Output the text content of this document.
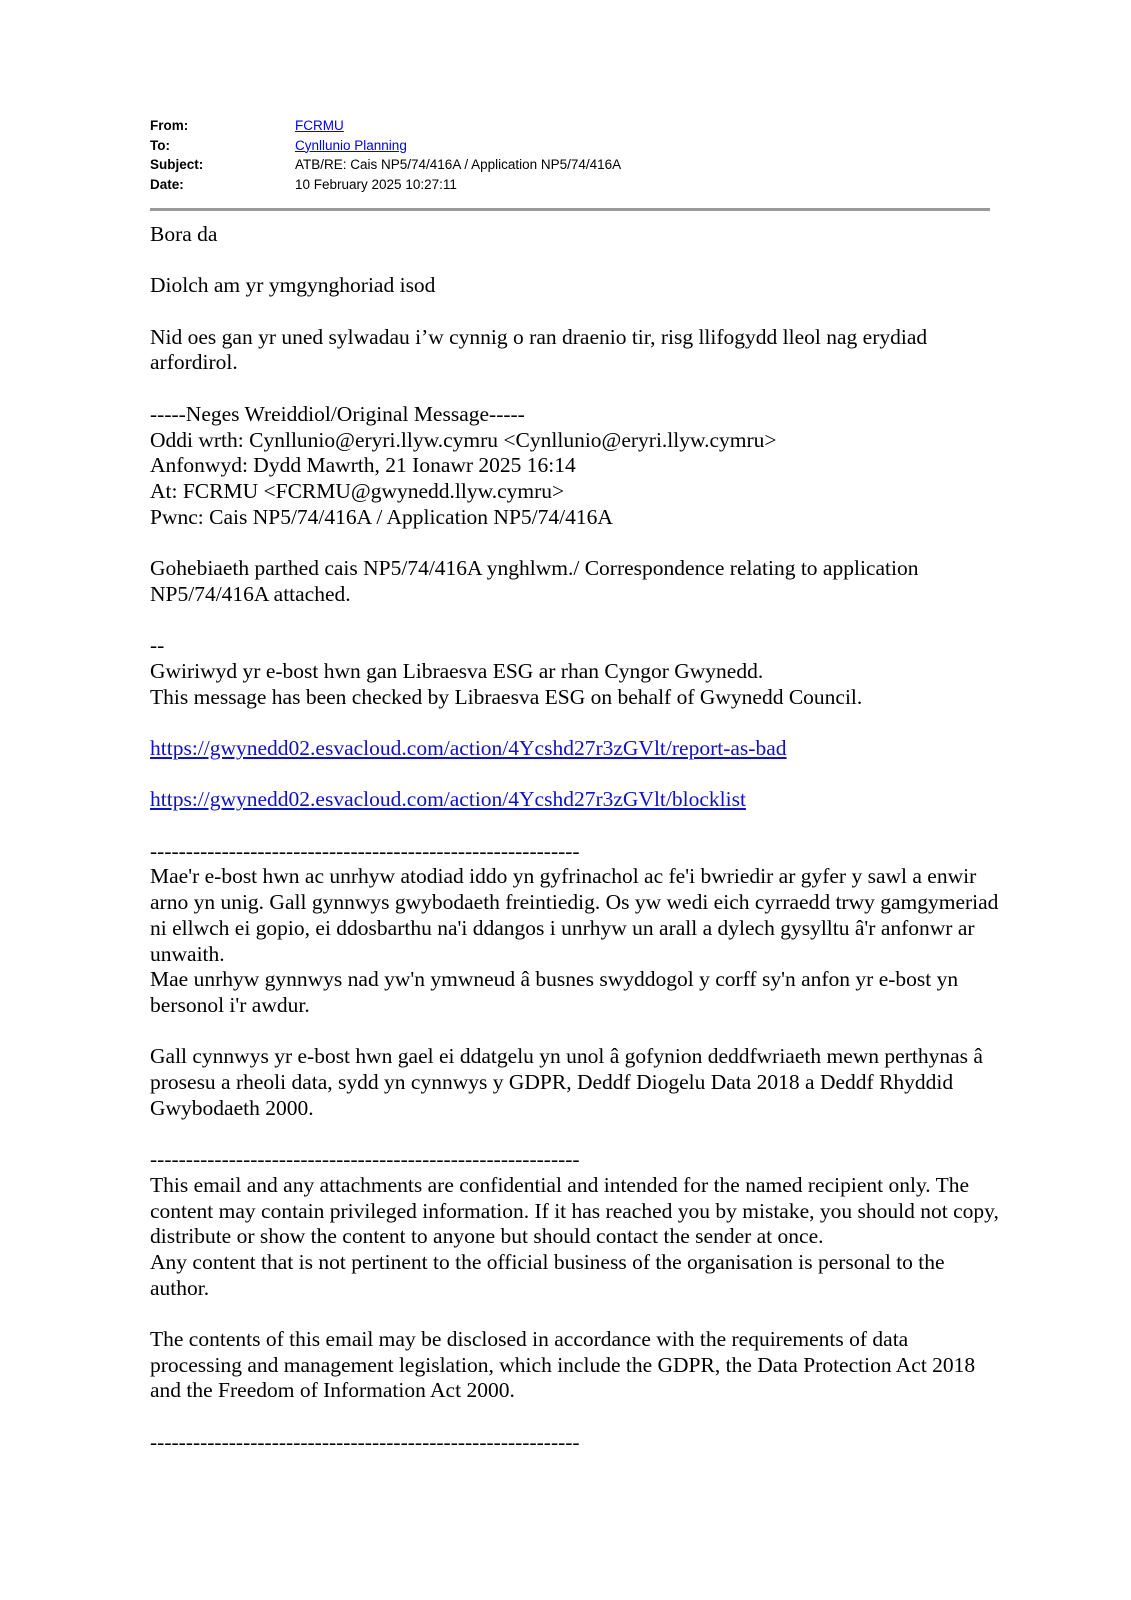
From:	FCRMU
To:	Cynllunio Planning
Subject:	ATB/RE: Cais NP5/74/416A / Application NP5/74/416A
Date:	10 February 2025 10:27:11

Bora da

Diolch am yr ymgynghoriad isod

Nid oes gan yr uned sylwadau i’w cynnig o ran draenio tir, risg llifogydd lleol nag erydiad arfordirol.

-----Neges Wreiddiol/Original Message-----

Oddi wrth: Cynllunio@eryri.llyw.cymru <Cynllunio@eryri.llyw.cymru>

Anfonwyd: Dydd Mawrth, 21 Ionawr 2025 16:14

At: FCRMU <FCRMU@gwynedd.llyw.cymru>

Pwnc: Cais NP5/74/416A / Application NP5/74/416A

Gohebiaeth parthed cais NP5/74/416A ynghlwm./ Correspondence relating to application NP5/74/416A attached.

--

Gwiriwyd yr e-bost hwn gan Libraesva ESG ar rhan Cyngor Gwynedd.

This message has been checked by Libraesva ESG on behalf of Gwynedd Council.

https://gwynedd02.esvacloud.com/action/4Ycshd27r3zGVlt/report-as-bad

https://gwynedd02.esvacloud.com/action/4Ycshd27r3zGVlt/blocklist

------------------------------------------------------------

Mae'r e-bost hwn ac unrhyw atodiad iddo yn gyfrinachol ac fe'i bwriedir ar gyfer y sawl a enwir arno yn unig. Gall gynnwys gwybodaeth freintiedig. Os yw wedi eich cyrraedd trwy gamgymeriad ni ellwch ei gopio, ei ddosbarthu na'i ddangos i unrhyw un arall a dylech gysylltu â'r anfonwr ar unwaith.

Mae unrhyw gynnwys nad yw'n ymwneud â busnes swyddogol y corff sy'n anfon yr e-bost yn bersonol i'r awdur.

Gall cynnwys yr e-bost hwn gael ei ddatgelu yn unol â gofynion deddfwriaeth mewn perthynas â prosesu a rheoli data, sydd yn cynnwys y GDPR, Deddf Diogelu Data 2018 a Deddf Rhyddid Gwybodaeth 2000.

------------------------------------------------------------

This email and any attachments are confidential and intended for the named recipient only. The content may contain privileged information. If it has reached you by mistake, you should not copy, distribute or show the content to anyone but should contact the sender at once.

Any content that is not pertinent to the official business of the organisation is personal to the author.

The contents of this email may be disclosed in accordance with the requirements of data processing and management legislation, which include the GDPR, the Data Protection Act 2018 and the Freedom of Information Act 2000.

------------------------------------------------------------
